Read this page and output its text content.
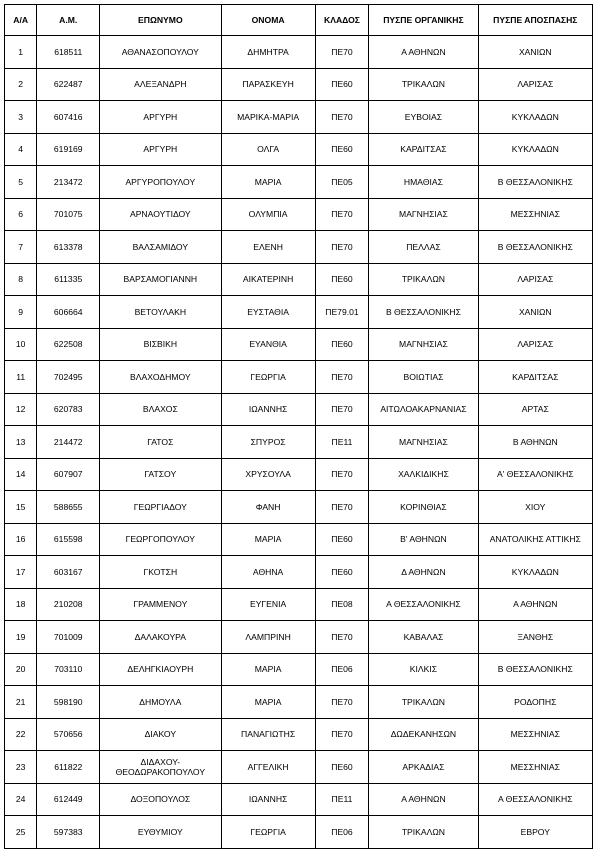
Α/Α	Α.Μ.	ΕΠΩΝΥΜΟ	ΟΝΟΜΑ	ΚΛΑΔΟΣ	ΠΥΣΠΕ ΟΡΓΑΝΙΚΗΣ	ΠΥΣΠΕ ΑΠΟΣΠΑΣΗΣ
1	618511	ΑΘΑΝΑΣΟΠΟΥΛΟΥ	ΔΗΜΗΤΡΑ	ΠΕ70	Α ΑΘΗΝΩΝ	ΧΑΝΙΩΝ
2	622487	ΑΛΕΞΑΝΔΡΗ	ΠΑΡΑΣΚΕΥΗ	ΠΕ60	ΤΡΙΚΑΛΩΝ	ΛΑΡΙΣΑΣ
3	607416	ΑΡΓΥΡΗ	ΜΑΡΙΚΑ-ΜΑΡΙΑ	ΠΕ70	ΕΥΒΟΙΑΣ	ΚΥΚΛΑΔΩΝ
4	619169	ΑΡΓΥΡΗ	ΟΛΓΑ	ΠΕ60	ΚΑΡΔΙΤΣΑΣ	ΚΥΚΛΑΔΩΝ
5	213472	ΑΡΓΥΡΟΠΟΥΛΟΥ	ΜΑΡΙΑ	ΠΕ05	ΗΜΑΘΙΑΣ	Β ΘΕΣΣΑΛΟΝΙΚΗΣ
6	701075	ΑΡΝΑΟΥΤΙΔΟΥ	ΟΛΥΜΠΙΑ	ΠΕ70	ΜΑΓΝΗΣΙΑΣ	ΜΕΣΣΗΝΙΑΣ
7	613378	ΒΑΛΣΑΜΙΔΟΥ	ΕΛΕΝΗ	ΠΕ70	ΠΕΛΛΑΣ	Β ΘΕΣΣΑΛΟΝΙΚΗΣ
8	611335	ΒΑΡΣΑΜΟΓΙΑΝΝΗ	ΑΙΚΑΤΕΡΙΝΗ	ΠΕ60	ΤΡΙΚΑΛΩΝ	ΛΑΡΙΣΑΣ
9	606664	ΒΕΤΟΥΛΑΚΗ	ΕΥΣΤΑΘΙΑ	ΠΕ79.01	Β ΘΕΣΣΑΛΟΝΙΚΗΣ	ΧΑΝΙΩΝ
10	622508	ΒΙΣΒΙΚΗ	ΕΥΑΝΘΙΑ	ΠΕ60	ΜΑΓΝΗΣΙΑΣ	ΛΑΡΙΣΑΣ
11	702495	ΒΛΑΧΟΔΗΜΟΥ	ΓΕΩΡΓΙΑ	ΠΕ70	ΒΟΙΩΤΙΑΣ	ΚΑΡΔΙΤΣΑΣ
12	620783	ΒΛΑΧΟΣ	ΙΩΑΝΝΗΣ	ΠΕ70	ΑΙΤΩΛΟΑΚΑΡΝΑΝΙΑΣ	ΑΡΤΑΣ
13	214472	ΓΑΤΟΣ	ΣΠΥΡΟΣ	ΠΕ11	ΜΑΓΝΗΣΙΑΣ	Β ΑΘΗΝΩΝ
14	607907	ΓΑΤΣΟΥ	ΧΡΥΣΟΥΛΑ	ΠΕ70	ΧΑΛΚΙΔΙΚΗΣ	Α' ΘΕΣΣΑΛΟΝΙΚΗΣ
15	588655	ΓΕΩΡΓΙΑΔΟΥ	ΦΑΝΗ	ΠΕ70	ΚΟΡΙΝΘΙΑΣ	ΧΙΟΥ
16	615598	ΓΕΩΡΓΟΠΟΥΛΟΥ	ΜΑΡΙΑ	ΠΕ60	Β' ΑΘΗΝΩΝ	ΑΝΑΤΟΛΙΚΗΣ ΑΤΤΙΚΗΣ
17	603167	ΓΚΟΤΣΗ	ΑΘΗΝΑ	ΠΕ60	Δ ΑΘΗΝΩΝ	ΚΥΚΛΑΔΩΝ
18	210208	ΓΡΑΜΜΕΝΟΥ	ΕΥΓΕΝΙΑ	ΠΕ08	Α ΘΕΣΣΑΛΟΝΙΚΗΣ	Α ΑΘΗΝΩΝ
19	701009	ΔΑΛΑΚΟΥΡΑ	ΛΑΜΠΡΙΝΗ	ΠΕ70	ΚΑΒΑΛΑΣ	ΞΑΝΘΗΣ
20	703110	ΔΕΛΗΓΚΙΑΟΥΡΗ	ΜΑΡΙΑ	ΠΕ06	ΚΙΛΚΙΣ	Β ΘΕΣΣΑΛΟΝΙΚΗΣ
21	598190	ΔΗΜΟΥΛΑ	ΜΑΡΙΑ	ΠΕ70	ΤΡΙΚΑΛΩΝ	ΡΟΔΟΠΗΣ
22	570656	ΔΙΑΚΟΥ	ΠΑΝΑΓΙΩΤΗΣ	ΠΕ70	ΔΩΔΕΚΑΝΗΣΩΝ	ΜΕΣΣΗΝΙΑΣ
23	611822	ΔΙΔΑΧΟΥ-ΘΕΟΔΩΡΑΚΟΠΟΥΛΟΥ	ΑΓΓΕΛΙΚΗ	ΠΕ60	ΑΡΚΑΔΙΑΣ	ΜΕΣΣΗΝΙΑΣ
24	612449	ΔΟΞΟΠΟΥΛΟΣ	ΙΩΑΝΝΗΣ	ΠΕ11	Α ΑΘΗΝΩΝ	Α ΘΕΣΣΑΛΟΝΙΚΗΣ
25	597383	ΕΥΘΥΜΙΟΥ	ΓΕΩΡΓΙΑ	ΠΕ06	ΤΡΙΚΑΛΩΝ	ΕΒΡΟΥ
